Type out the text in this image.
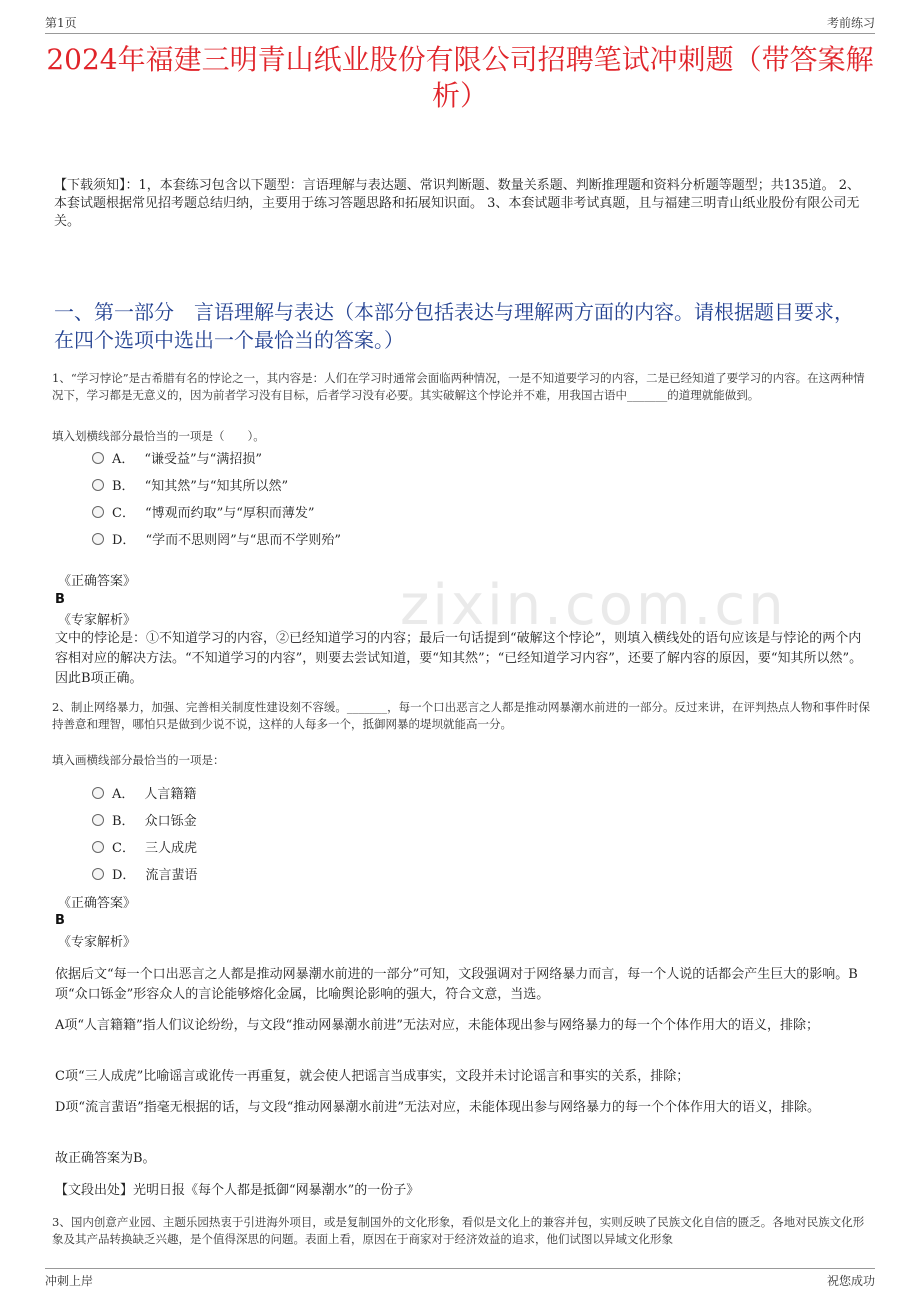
第1页	考前练习
2024年福建三明青山纸业股份有限公司招聘笔试冲刺题（带答案解析）
【下载须知】：1，本套练习包含以下题型：言语理解与表达题、常识判断题、数量关系题、判断推理题和资料分析题等题型；共135道。 2、本套试题根据常见招考题总结归纳，主要用于练习答题思路和拓展知识面。 3、本套试题非考试真题，且与福建三明青山纸业股份有限公司无关。
一、第一部分　言语理解与表达（本部分包括表达与理解两方面的内容。请根据题目要求，在四个选项中选出一个最恰当的答案。）
zixin.com.cn
1、“学习悖论”是古希腊有名的悖论之一，其内容是：人们在学习时通常会面临两种情况，一是不知道要学习的内容，二是已经知道了要学习的内容。在这两种情况下，学习都是无意义的，因为前者学习没有目标，后者学习没有必要。其实破解这个悖论并不难，用我国古语中_______的道理就能做到。
填入划横线部分最恰当的一项是（　　）。
A． “谦受益”与“满招损”
B． “知其然”与“知其所以然”
C． “博观而约取”与“厚积而薄发”
D． “学而不思则罔”与“思而不学则殆”
《正确答案》
B
《专家解析》
文中的悖论是：①不知道学习的内容，②已经知道学习的内容；最后一句话提到“破解这个悖论”，则填入横线处的语句应该是与悖论的两个内容相对应的解决方法。“不知道学习的内容”，则要去尝试知道，要“知其然”；“已经知道学习内容”，还要了解内容的原因，要“知其所以然”。因此B项正确。
2、制止网络暴力，加强、完善相关制度性建设刻不容缓。_______，每一个口出恶言之人都是推动网暴潮水前进的一部分。反过来讲，在评判热点人物和事件时保持善意和理智，哪怕只是做到少说不说，这样的人每多一个，抵御网暴的堤坝就能高一分。
填入画横线部分最恰当的一项是：
A． 人言籍籍
B． 众口铄金
C． 三人成虎
D． 流言蜚语
《正确答案》
B
《专家解析》
依据后文“每一个口出恶言之人都是推动网暴潮水前进的一部分”可知，文段强调对于网络暴力而言，每一个人说的话都会产生巨大的影响。B项“众口铄金”形容众人的言论能够熔化金属，比喻舆论影响的强大，符合文意，当选。
A项“人言籍籍”指人们议论纷纷，与文段“推动网暴潮水前进”无法对应，未能体现出参与网络暴力的每一个个体作用大的语义，排除；
C项“三人成虎”比喻谣言或讹传一再重复，就会使人把谣言当成事实，文段并未讨论谣言和事实的关系，排除；
D项“流言蜚语”指毫无根据的话，与文段“推动网暴潮水前进”无法对应，未能体现出参与网络暴力的每一个个体作用大的语义，排除。
故正确答案为B。
【文段出处】光明日报《每个人都是抵御“网暴潮水”的一份子》
3、国内创意产业园、主题乐园热衷于引进海外项目，或是复制国外的文化形象，看似是文化上的兼容并包，实则反映了民族文化自信的匮乏。各地对民族文化形象及其产品转换缺乏兴趣，是个值得深思的问题。表面上看，原因在于商家对于经济效益的追求，他们试图以异域文化形象
冲刺上岸	祝您成功
